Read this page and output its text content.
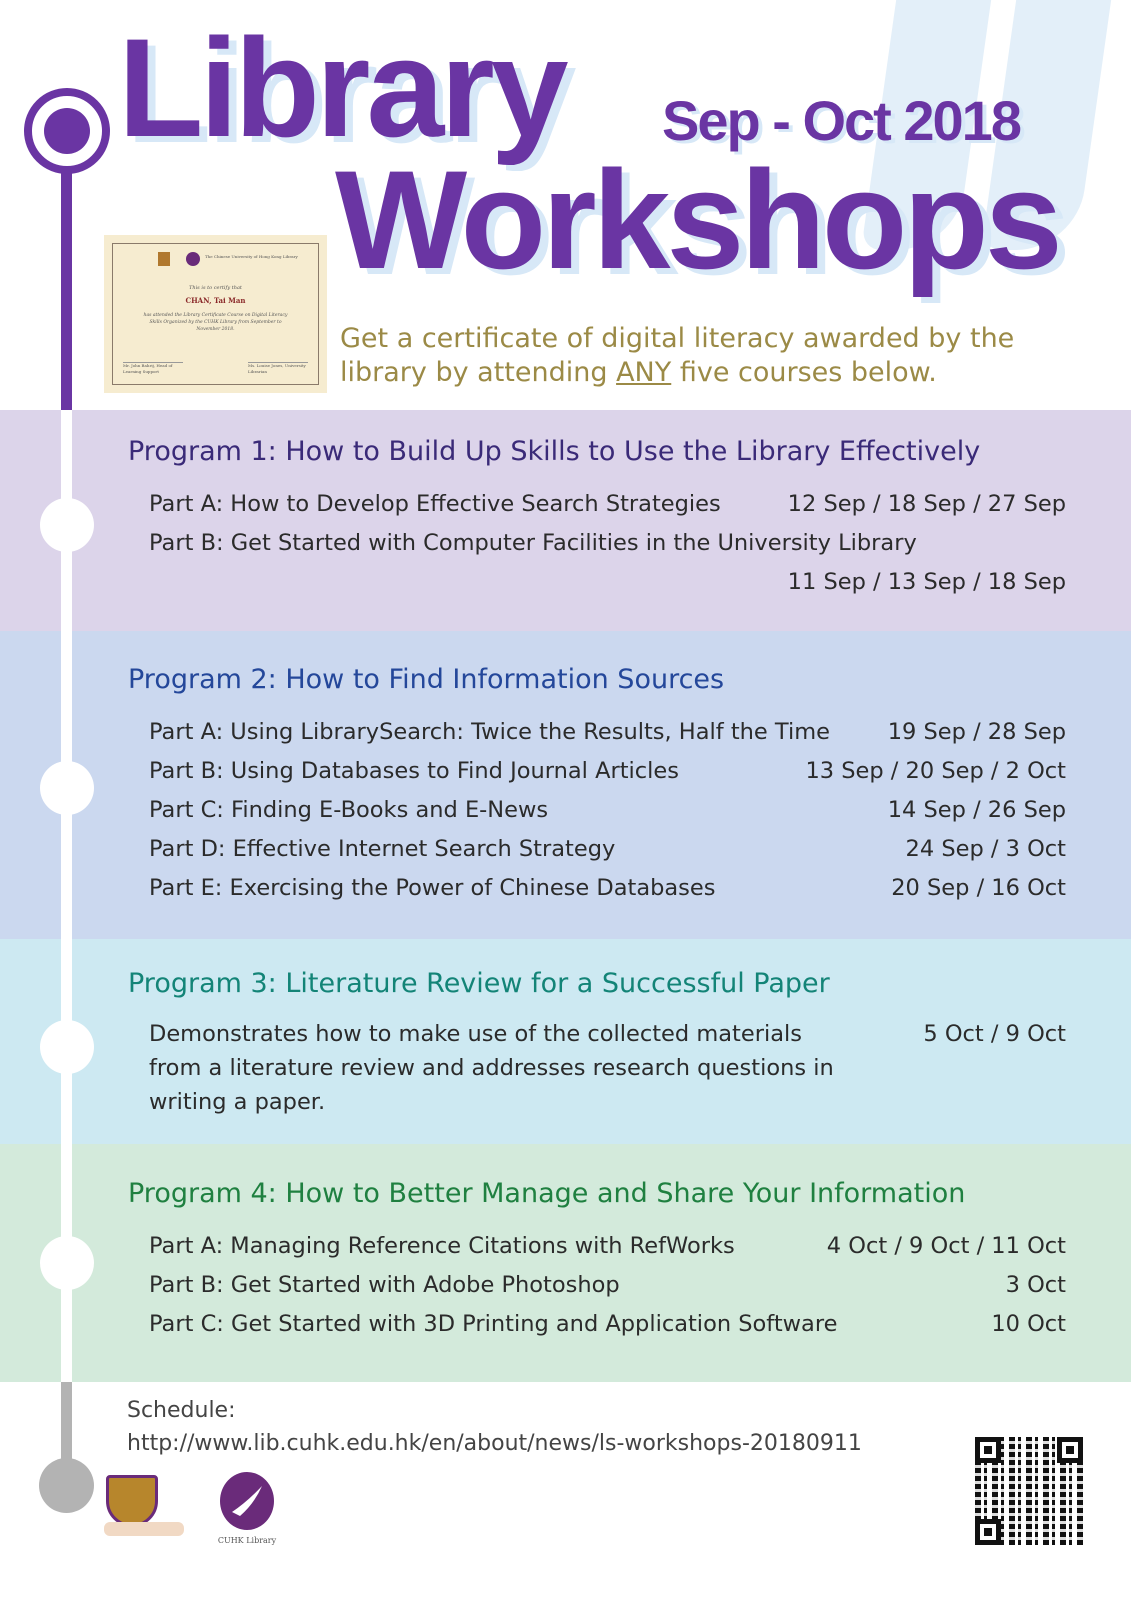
Library Sep - Oct 2018
Workshops
The Chinese University of Hong Kong Library
This is to certify that
CHAN, Tai Man
has attended the Library Certificate Course on Digital Literacy Skills Organized by the CUHK Library from September to November 2018.
Mr. John Bahrij, Head of Learning Support
Ms. Louise Jones, University Librarian
Get a certificate of digital literacy awarded by the library by attending ANY five courses below.
Program 1: How to Build Up Skills to Use the Library Effectively
Part A: How to Develop Effective Search Strategies	12 Sep / 18 Sep / 27 Sep
Part B: Get Started with Computer Facilities in the University Library
11 Sep / 13 Sep / 18 Sep
Program 2: How to Find Information Sources
Part A: Using LibrarySearch: Twice the Results, Half the Time	19 Sep / 28 Sep
Part B: Using Databases to Find Journal Articles	13 Sep / 20 Sep / 2 Oct
Part C: Finding E-Books and E-News	14 Sep / 26 Sep
Part D: Effective Internet Search Strategy	24 Sep / 3 Oct
Part E: Exercising the Power of Chinese Databases	20 Sep / 16 Oct
Program 3: Literature Review for a Successful Paper
Demonstrates how to make use of the collected materials from a literature review and addresses research questions in writing a paper.
5 Oct / 9 Oct
Program 4: How to Better Manage and Share Your Information
Part A: Managing Reference Citations with RefWorks	4 Oct / 9 Oct / 11 Oct
Part B: Get Started with Adobe Photoshop	3 Oct
Part C: Get Started with 3D Printing and Application Software	10 Oct
Schedule:
http://www.lib.cuhk.edu.hk/en/about/news/ls-workshops-20180911
CUHK Library
